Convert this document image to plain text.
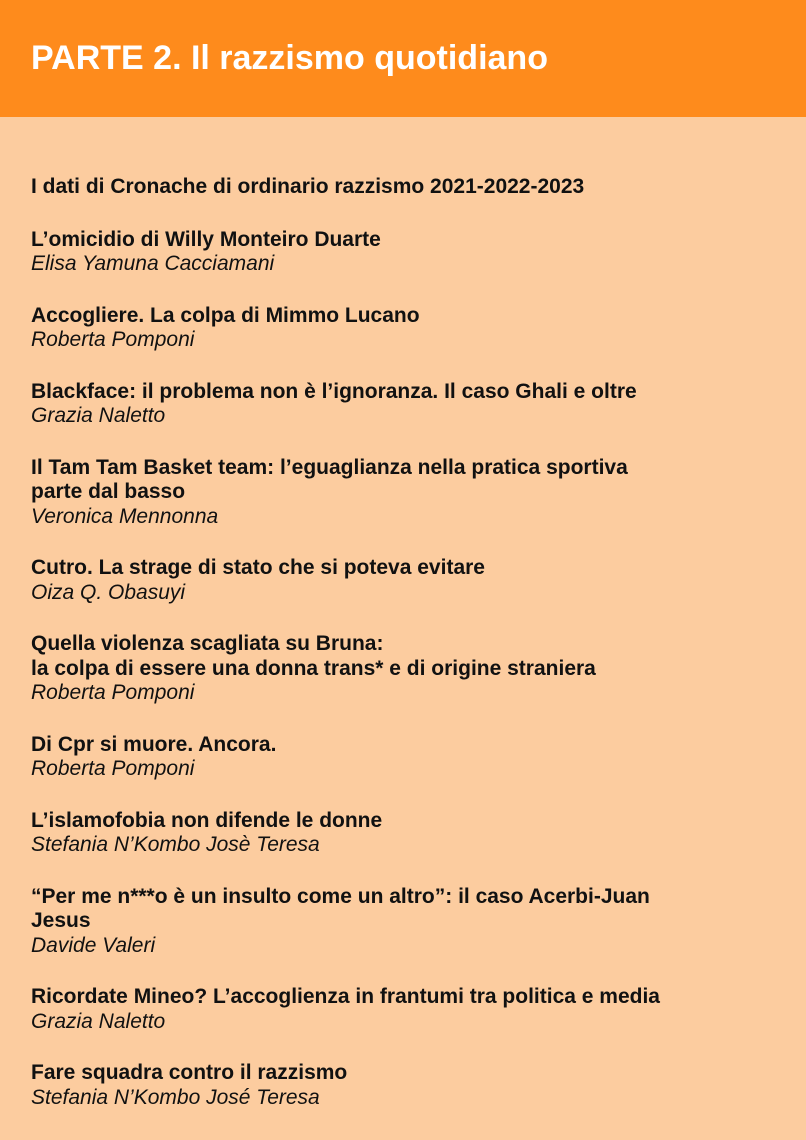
PARTE 2. Il razzismo quotidiano
I dati di Cronache di ordinario razzismo 2021-2022-2023
L’omicidio di Willy Monteiro Duarte
Elisa Yamuna Cacciamani
Accogliere. La colpa di Mimmo Lucano
Roberta Pomponi
Blackface: il problema non è l’ignoranza. Il caso Ghali e oltre
Grazia Naletto
Il Tam Tam Basket team: l’eguaglianza nella pratica sportiva
parte dal basso
Veronica Mennonna
Cutro. La strage di stato che si poteva evitare
Oiza Q. Obasuyi
Quella violenza scagliata su Bruna:
la colpa di essere una donna trans* e di origine straniera
Roberta Pomponi
Di Cpr si muore. Ancora.
Roberta Pomponi
L’islamofobia non difende le donne
Stefania N’Kombo Josè Teresa
“Per me n***o è un insulto come un altro”: il caso Acerbi-Juan
Jesus
Davide Valeri
Ricordate Mineo? L’accoglienza in frantumi tra politica e media
Grazia Naletto
Fare squadra contro il razzismo
Stefania N’Kombo José Teresa
